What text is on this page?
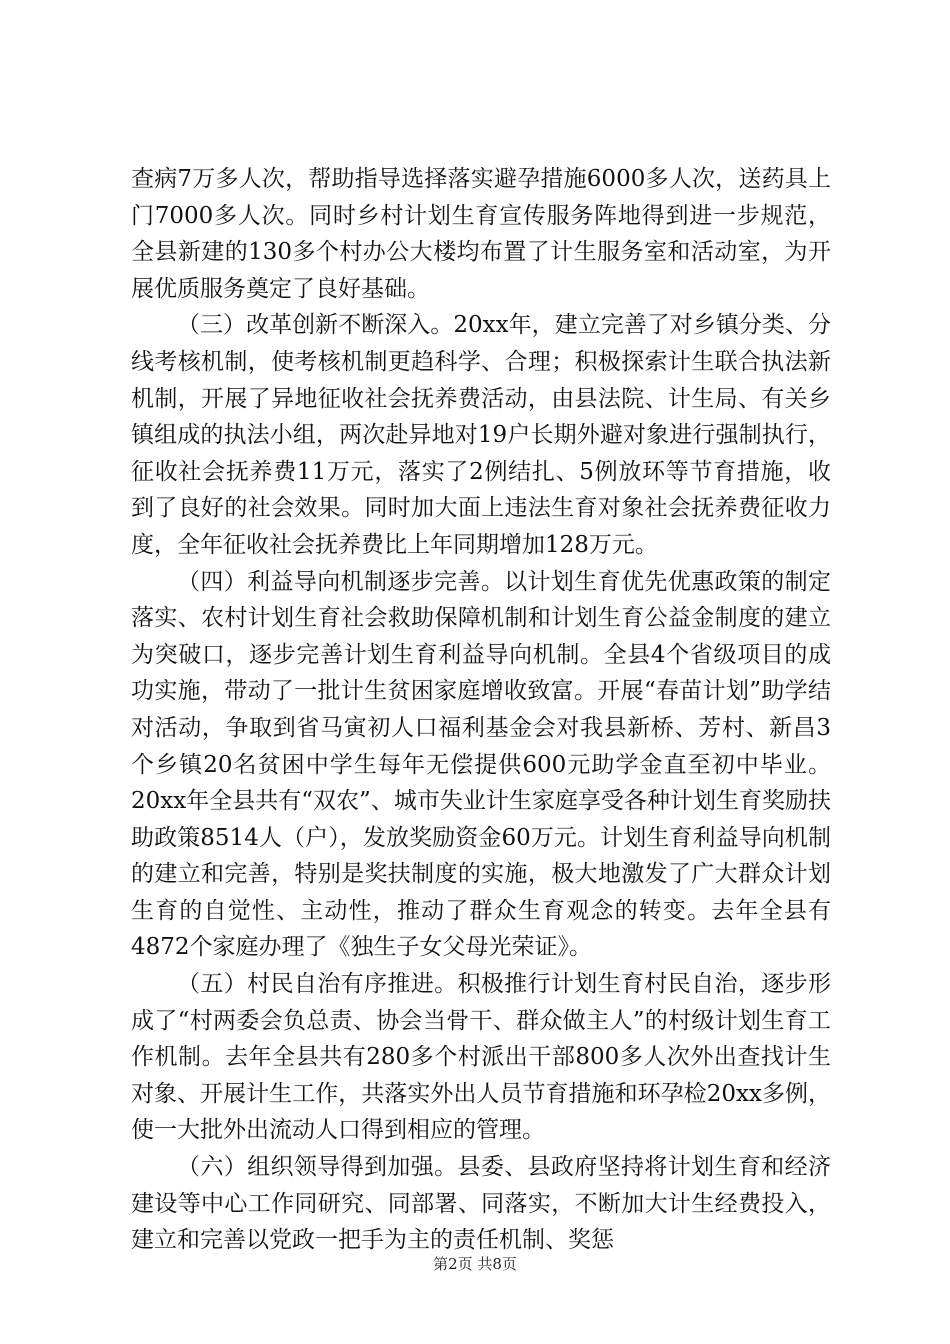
查病7万多人次，帮助指导选择落实避孕措施6000多人次，送药具上门7000多人次。同时乡村计划生育宣传服务阵地得到进一步规范，全县新建的130多个村办公大楼均布置了计生服务室和活动室，为开展优质服务奠定了良好基础。

（三）改革创新不断深入。20xx年，建立完善了对乡镇分类、分线考核机制，使考核机制更趋科学、合理；积极探索计生联合执法新机制，开展了异地征收社会抚养费活动，由县法院、计生局、有关乡镇组成的执法小组，两次赴异地对19户长期外避对象进行强制执行，征收社会抚养费11万元，落实了2例结扎、5例放环等节育措施，收到了良好的社会效果。同时加大面上违法生育对象社会抚养费征收力度，全年征收社会抚养费比上年同期增加128万元。

（四）利益导向机制逐步完善。以计划生育优先优惠政策的制定落实、农村计划生育社会救助保障机制和计划生育公益金制度的建立为突破口，逐步完善计划生育利益导向机制。全县4个省级项目的成功实施，带动了一批计生贫困家庭增收致富。开展“春苗计划”助学结对活动，争取到省马寅初人口福利基金会对我县新桥、芳村、新昌3个乡镇20名贫困中学生每年无偿提供600元助学金直至初中毕业。20xx年全县共有“双农”、城市失业计生家庭享受各种计划生育奖励扶助政策8514人（户），发放奖励资金60万元。计划生育利益导向机制的建立和完善，特别是奖扶制度的实施，极大地激发了广大群众计划生育的自觉性、主动性，推动了群众生育观念的转变。去年全县有4872个家庭办理了《独生子女父母光荣证》。

（五）村民自治有序推进。积极推行计划生育村民自治，逐步形成了“村两委会负总责、协会当骨干、群众做主人”的村级计划生育工作机制。去年全县共有280多个村派出干部800多人次外出查找计生对象、开展计生工作，共落实外出人员节育措施和环孕检20xx多例，使一大批外出流动人口得到相应的管理。

（六）组织领导得到加强。县委、县政府坚持将计划生育和经济建设等中心工作同研究、同部署、同落实，不断加大计生经费投入，建立和完善以党政一把手为主的责任机制、奖惩

第2页 共8页
